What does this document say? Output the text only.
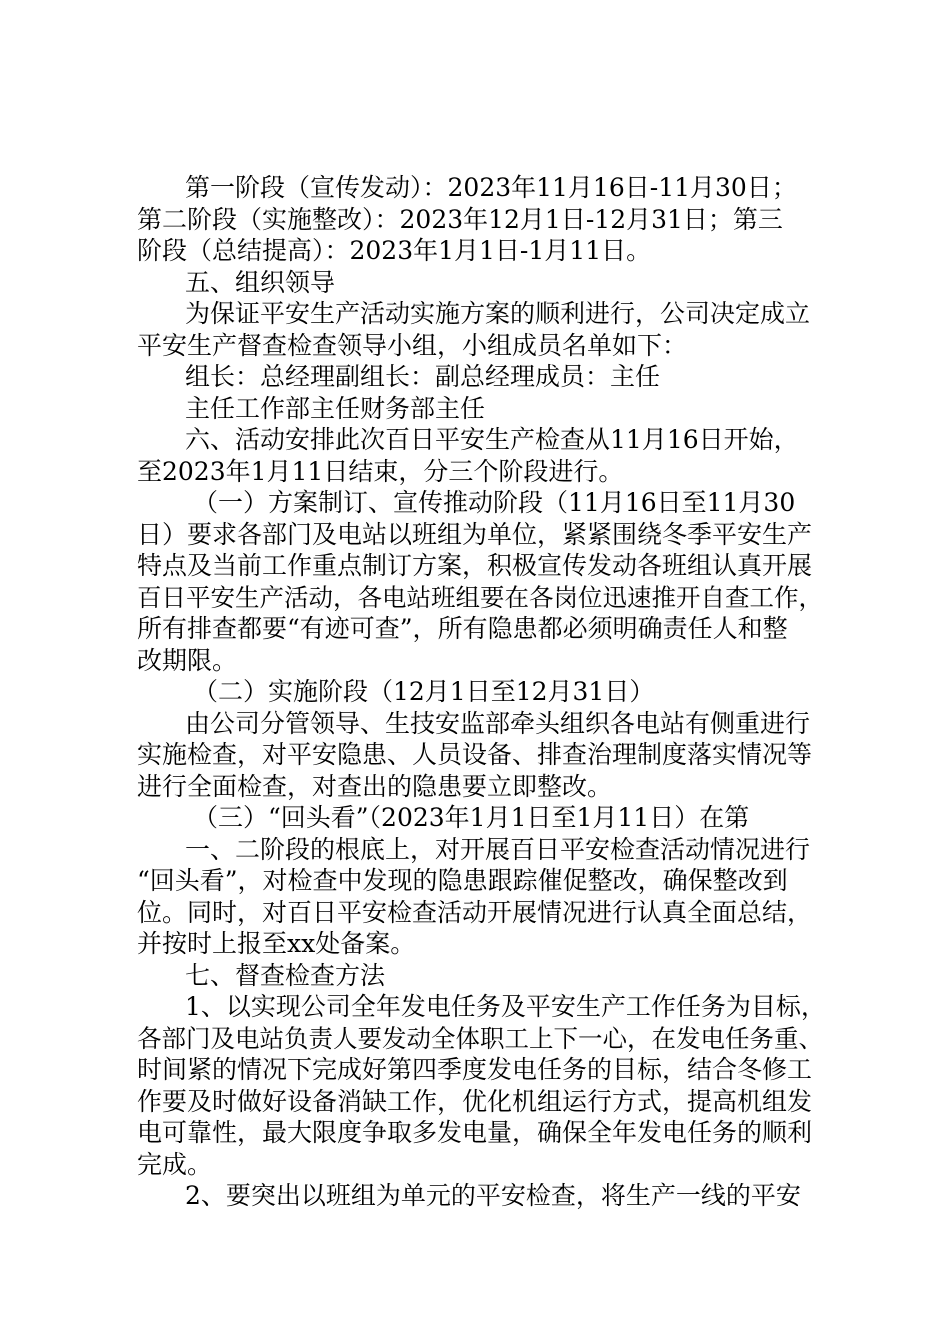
第一阶段（宣传发动）：2023年11月16日-11月30日；
第二阶段（实施整改）：2023年12月1日-12月31日；第三
阶段（总结提高）：2023年1月1日-1月11日。
五、组织领导
为保证平安生产活动实施方案的顺利进行，公司决定成立
平安生产督查检查领导小组，小组成员名单如下：
组长：总经理副组长：副总经理成员：主任
主任工作部主任财务部主任
六、活动安排此次百日平安生产检查从11月16日开始，
至2023年1月11日结束，分三个阶段进行。
（一）方案制订、宣传推动阶段（11月16日至11月30
日）要求各部门及电站以班组为单位，紧紧围绕冬季平安生产
特点及当前工作重点制订方案，积极宣传发动各班组认真开展
百日平安生产活动，各电站班组要在各岗位迅速推开自查工作，
所有排查都要“有迹可查”，所有隐患都必须明确责任人和整
改期限。
（二）实施阶段（12月1日至12月31日）
由公司分管领导、生技安监部牵头组织各电站有侧重进行
实施检查，对平安隐患、人员设备、排查治理制度落实情况等
进行全面检查，对查出的隐患要立即整改。
（三）“回头看”（2023年1月1日至1月11日）在第
一、二阶段的根底上，对开展百日平安检查活动情况进行
“回头看”，对检查中发现的隐患跟踪催促整改，确保整改到
位。同时，对百日平安检查活动开展情况进行认真全面总结，
并按时上报至xx处备案。
七、督查检查方法
1、以实现公司全年发电任务及平安生产工作任务为目标，
各部门及电站负责人要发动全体职工上下一心，在发电任务重、
时间紧的情况下完成好第四季度发电任务的目标，结合冬修工
作要及时做好设备消缺工作，优化机组运行方式，提高机组发
电可靠性，最大限度争取多发电量，确保全年发电任务的顺利
完成。
2、要突出以班组为单元的平安检查，将生产一线的平安
